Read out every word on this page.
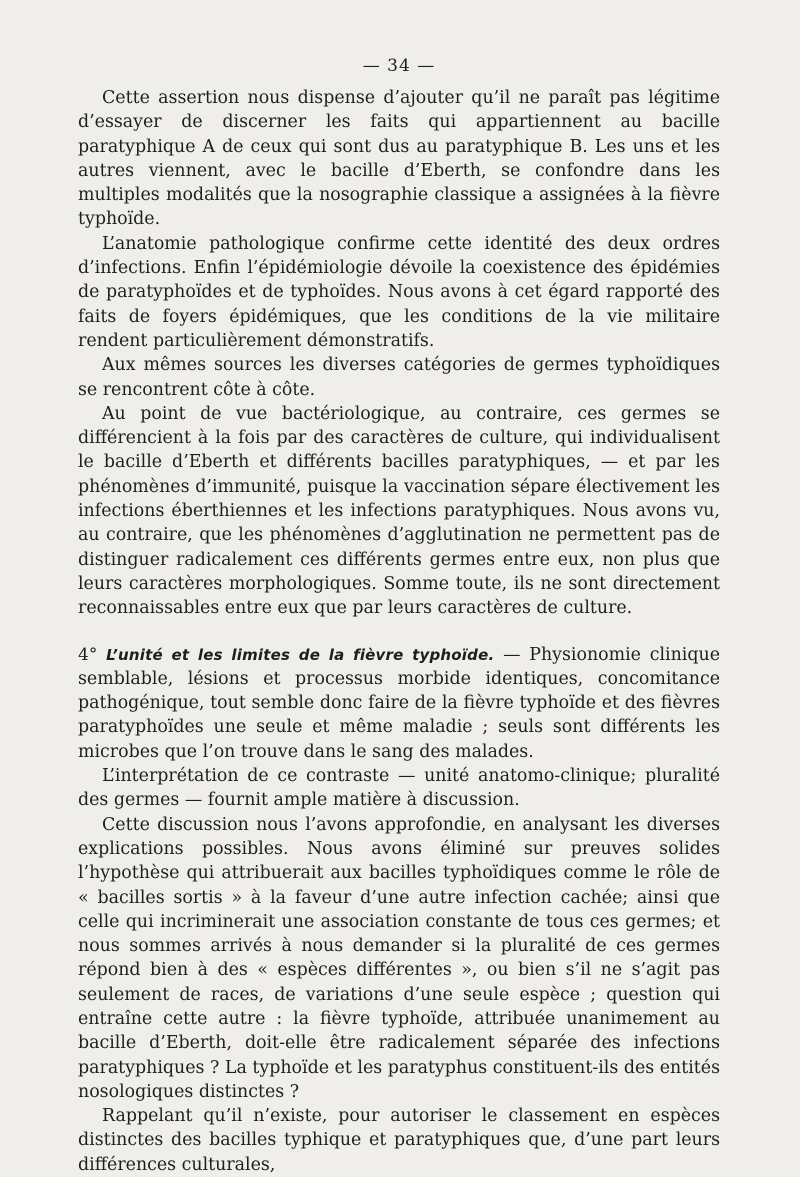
— 34 —

Cette assertion nous dispense d’ajouter qu’il ne paraît pas légitime d’essayer de discerner les faits qui appartiennent au bacille paratyphique A de ceux qui sont dus au paratyphique B. Les uns et les autres viennent, avec le bacille d’Eberth, se confondre dans les multiples modalités que la nosographie classique a assignées à la fièvre typhoïde.

L’anatomie pathologique confirme cette identité des deux ordres d’infections. Enfin l’épidémiologie dévoile la coexistence des épidémies de paratyphoïdes et de typhoïdes. Nous avons à cet égard rapporté des faits de foyers épidémiques, que les conditions de la vie militaire rendent particulièrement démonstratifs.

Aux mêmes sources les diverses catégories de germes typhoïdiques se rencontrent côte à côte.

Au point de vue bactériologique, au contraire, ces germes se différencient à la fois par des caractères de culture, qui individualisent le bacille d’Eberth et différents bacilles paratyphiques, — et par les phénomènes d’immunité, puisque la vaccination sépare électivement les infections éberthiennes et les infections paratyphiques. Nous avons vu, au contraire, que les phénomènes d’agglutination ne permettent pas de distinguer radicalement ces différents germes entre eux, non plus que leurs caractères morphologiques. Somme toute, ils ne sont directement reconnaissables entre eux que par leurs caractères de culture.

4° L’unité et les limites de la fièvre typhoïde. — Physionomie clinique semblable, lésions et processus morbide identiques, concomitance pathogénique, tout semble donc faire de la fièvre typhoïde et des fièvres paratyphoïdes une seule et même maladie ; seuls sont différents les microbes que l’on trouve dans le sang des malades.

L’interprétation de ce contraste — unité anatomo-clinique; pluralité des germes — fournit ample matière à discussion.

Cette discussion nous l’avons approfondie, en analysant les diverses explications possibles. Nous avons éliminé sur preuves solides l’hypothèse qui attribuerait aux bacilles typhoïdiques comme le rôle de « bacilles sortis » à la faveur d’une autre infection cachée; ainsi que celle qui incriminerait une association constante de tous ces germes; et nous sommes arrivés à nous demander si la pluralité de ces germes répond bien à des « espèces différentes », ou bien s’il ne s’agit pas seulement de races, de variations d’une seule espèce ; question qui entraîne cette autre : la fièvre typhoïde, attribuée unanimement au bacille d’Eberth, doit-elle être radicalement séparée des infections paratyphiques ? La typhoïde et les paratyphus constituent-ils des entités nosologiques distinctes ?

Rappelant qu’il n’existe, pour autoriser le classement en espèces distinctes des bacilles typhique et paratyphiques que, d’une part leurs différences culturales,
